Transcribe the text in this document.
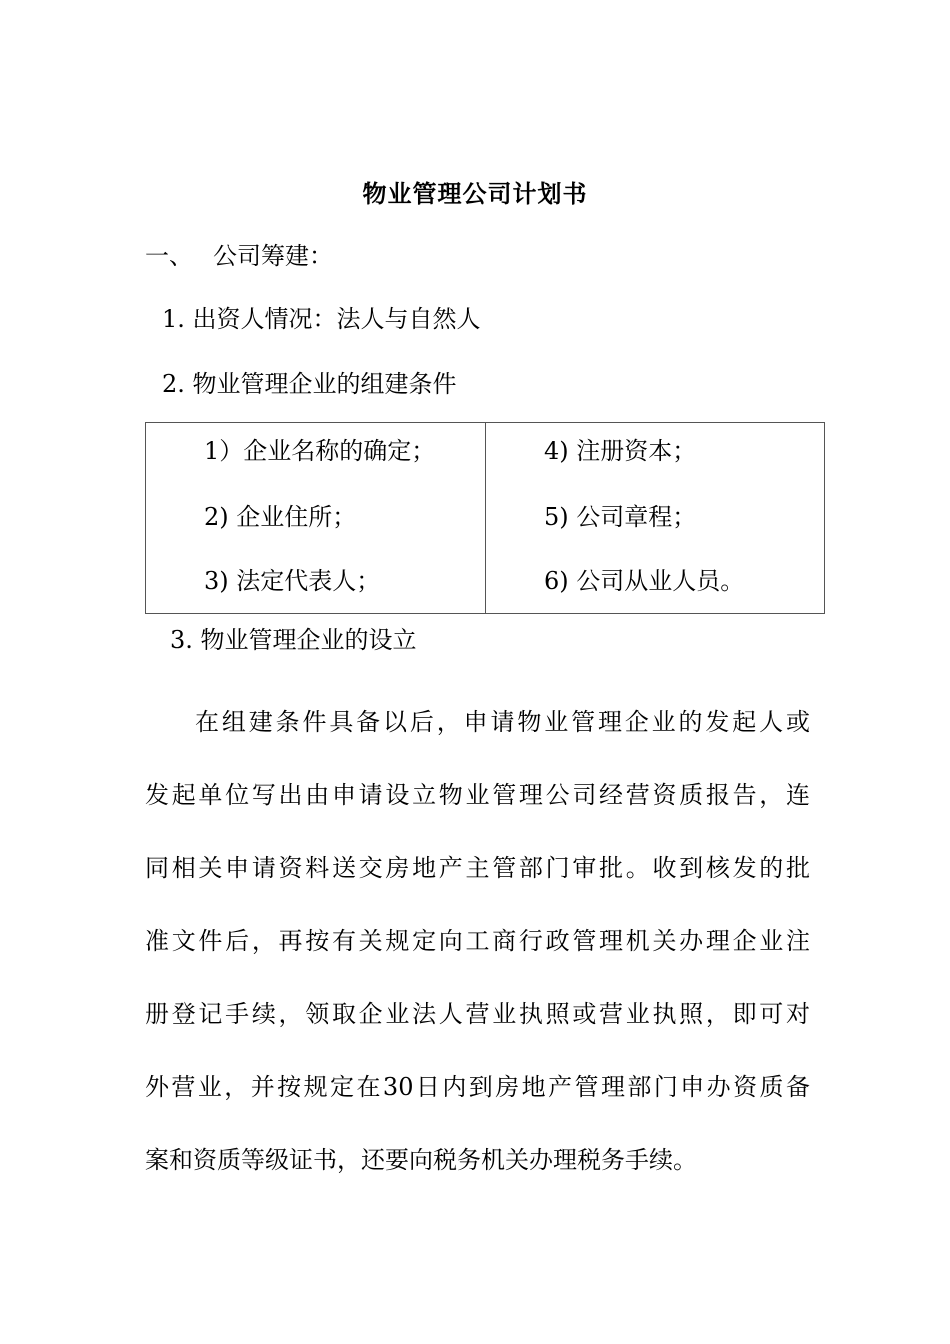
物业管理公司计划书
一、 公司筹建：
1. 出资人情况：法人与自然人
2. 物业管理企业的组建条件
1）企业名称的确定；
2) 企业住所；
3) 法定代表人；
4) 注册资本；
5) 公司章程；
6) 公司从业人员。
3. 物业管理企业的设立
在组建条件具备以后，申请物业管理企业的发起人或
发起单位写出由申请设立物业管理公司经营资质报告，连
同相关申请资料送交房地产主管部门审批。收到核发的批
准文件后，再按有关规定向工商行政管理机关办理企业注
册登记手续，领取企业法人营业执照或营业执照，即可对
外营业，并按规定在30日内到房地产管理部门申办资质备
案和资质等级证书，还要向税务机关办理税务手续。
